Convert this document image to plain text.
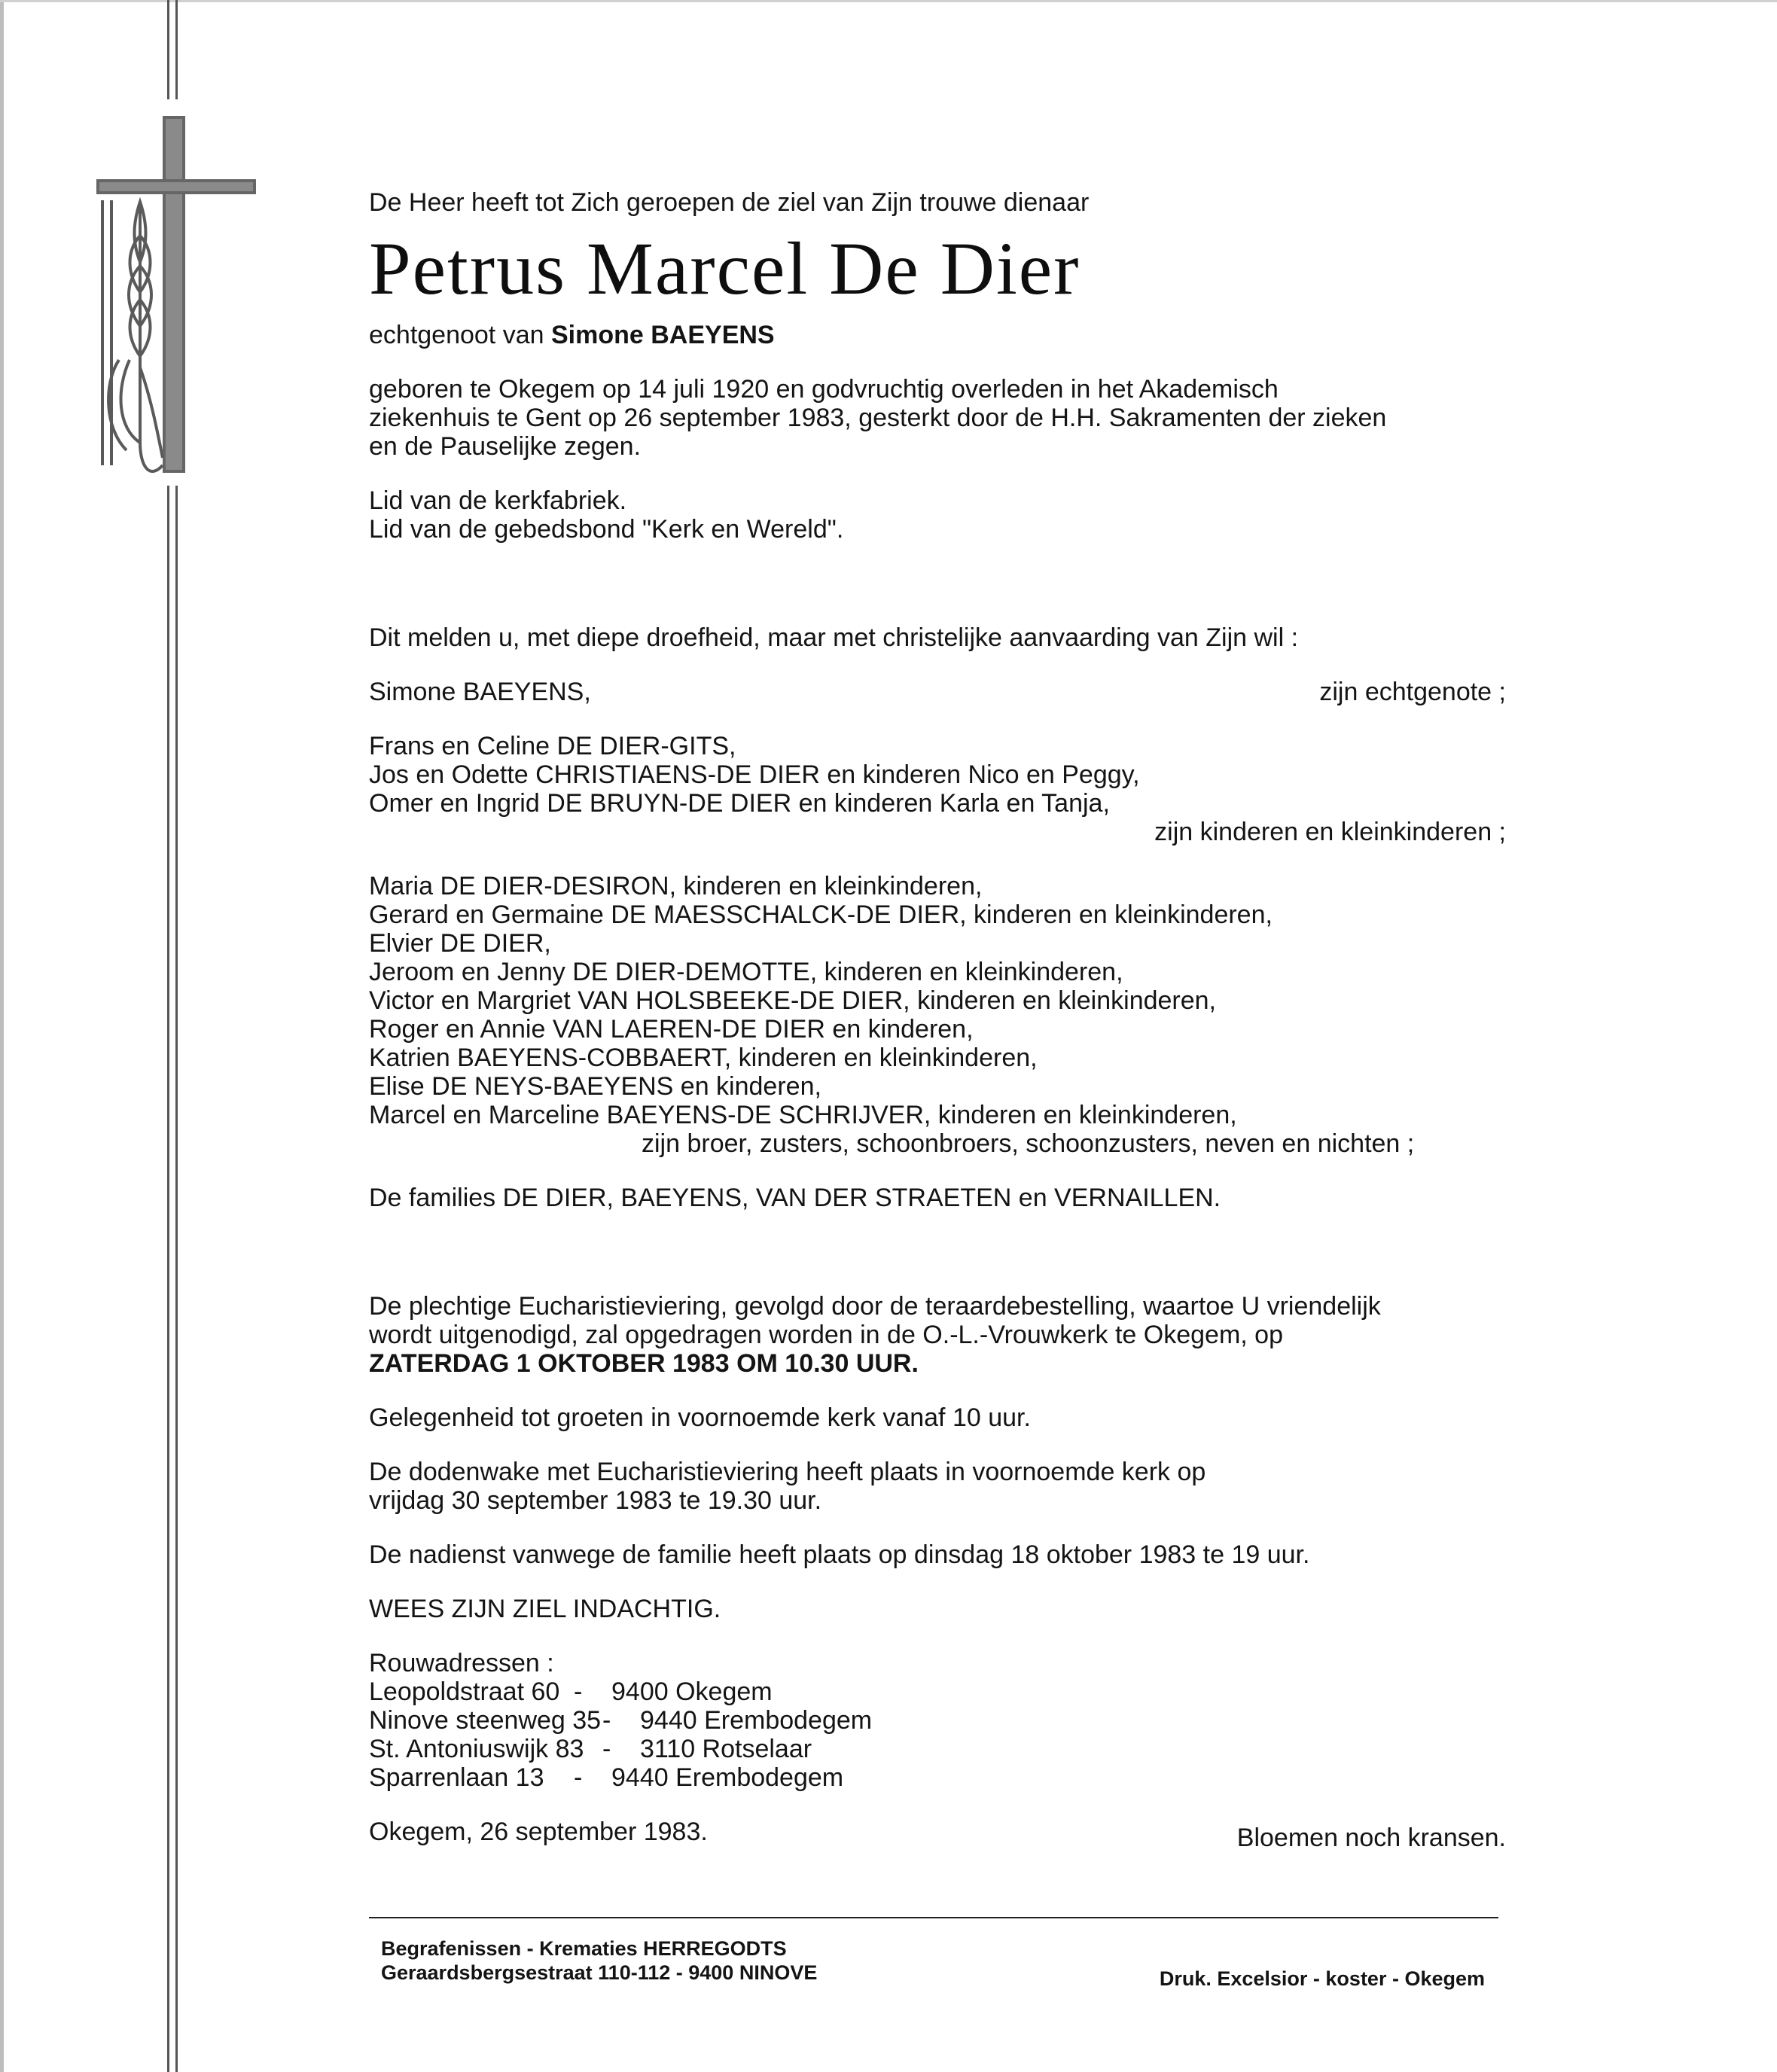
De Heer heeft tot Zich geroepen de ziel van Zijn trouwe dienaar

Petrus Marcel De Dier

echtgenoot van Simone BAEYENS

geboren te Okegem op 14 juli 1920 en godvruchtig overleden in het Akademisch

ziekenhuis te Gent op 26 september 1983, gesterkt door de H.H. Sakramenten der zieken

en de Pauselijke zegen.

Lid van de kerkfabriek.

Lid van de gebedsbond "Kerk en Wereld".

Dit melden u, met diepe droefheid, maar met christelijke aanvaarding van Zijn wil :

Simone BAEYENS,	zijn echtgenote ;

Frans en Celine DE DIER-GITS,

Jos en Odette CHRISTIAENS-DE DIER en kinderen Nico en Peggy,

Omer en Ingrid DE BRUYN-DE DIER en kinderen Karla en Tanja,

zijn kinderen en kleinkinderen ;

Maria DE DIER-DESIRON, kinderen en kleinkinderen,

Gerard en Germaine DE MAESSCHALCK-DE DIER, kinderen en kleinkinderen,

Elvier DE DIER,

Jeroom en Jenny DE DIER-DEMOTTE, kinderen en kleinkinderen,

Victor en Margriet VAN HOLSBEEKE-DE DIER, kinderen en kleinkinderen,

Roger en Annie VAN LAEREN-DE DIER en kinderen,

Katrien BAEYENS-COBBAERT, kinderen en kleinkinderen,

Elise DE NEYS-BAEYENS en kinderen,

Marcel en Marceline BAEYENS-DE SCHRIJVER, kinderen en kleinkinderen,

zijn broer, zusters, schoonbroers, schoonzusters, neven en nichten ;

De families DE DIER, BAEYENS, VAN DER STRAETEN en VERNAILLEN.

De plechtige Eucharistieviering, gevolgd door de teraardebestelling, waartoe U vriendelijk

wordt uitgenodigd, zal opgedragen worden in de O.-L.-Vrouwkerk te Okegem, op

ZATERDAG 1 OKTOBER 1983 OM 10.30 UUR.

Gelegenheid tot groeten in voornoemde kerk vanaf 10 uur.

De dodenwake met Eucharistieviering heeft plaats in voornoemde kerk op

vrijdag 30 september 1983 te 19.30 uur.

De nadienst vanwege de familie heeft plaats op dinsdag 18 oktober 1983 te 19 uur.

WEES ZIJN ZIEL INDACHTIG.

Rouwadressen :

Leopoldstraat 60 -	9400 Okegem
Ninove steenweg 35 -	9440 Erembodegem
St. Antoniuswijk 83 -	3110 Rotselaar
Sparrenlaan 13	-	9440 Erembodegem
Okegem, 26 september 1983.	Bloemen noch kransen.
Begrafenissen - Krematies HERREGODTS
Geraardsbergsestraat 110-112 - 9400 NINOVE	Druk. Excelsior - koster - Okegem
